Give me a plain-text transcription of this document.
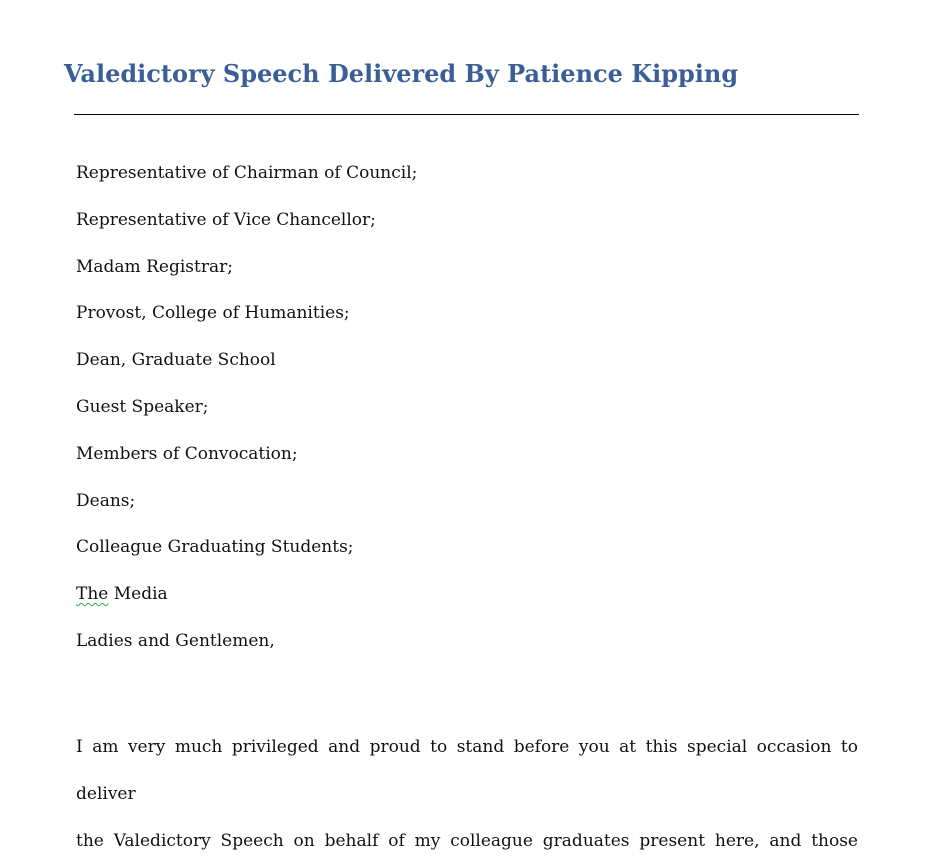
Valedictory Speech Delivered By Patience Kipping
Representative of Chairman of Council;
Representative of Vice Chancellor;
Madam Registrar;
Provost, College of Humanities;
Dean, Graduate School
Guest Speaker;
Members of Convocation;
Deans;
Colleague Graduating Students;
The Media
Ladies and Gentlemen,
I am very much privileged and proud to stand before you at this special occasion to deliver
the Valedictory Speech on behalf of my colleague graduates present here, and those
